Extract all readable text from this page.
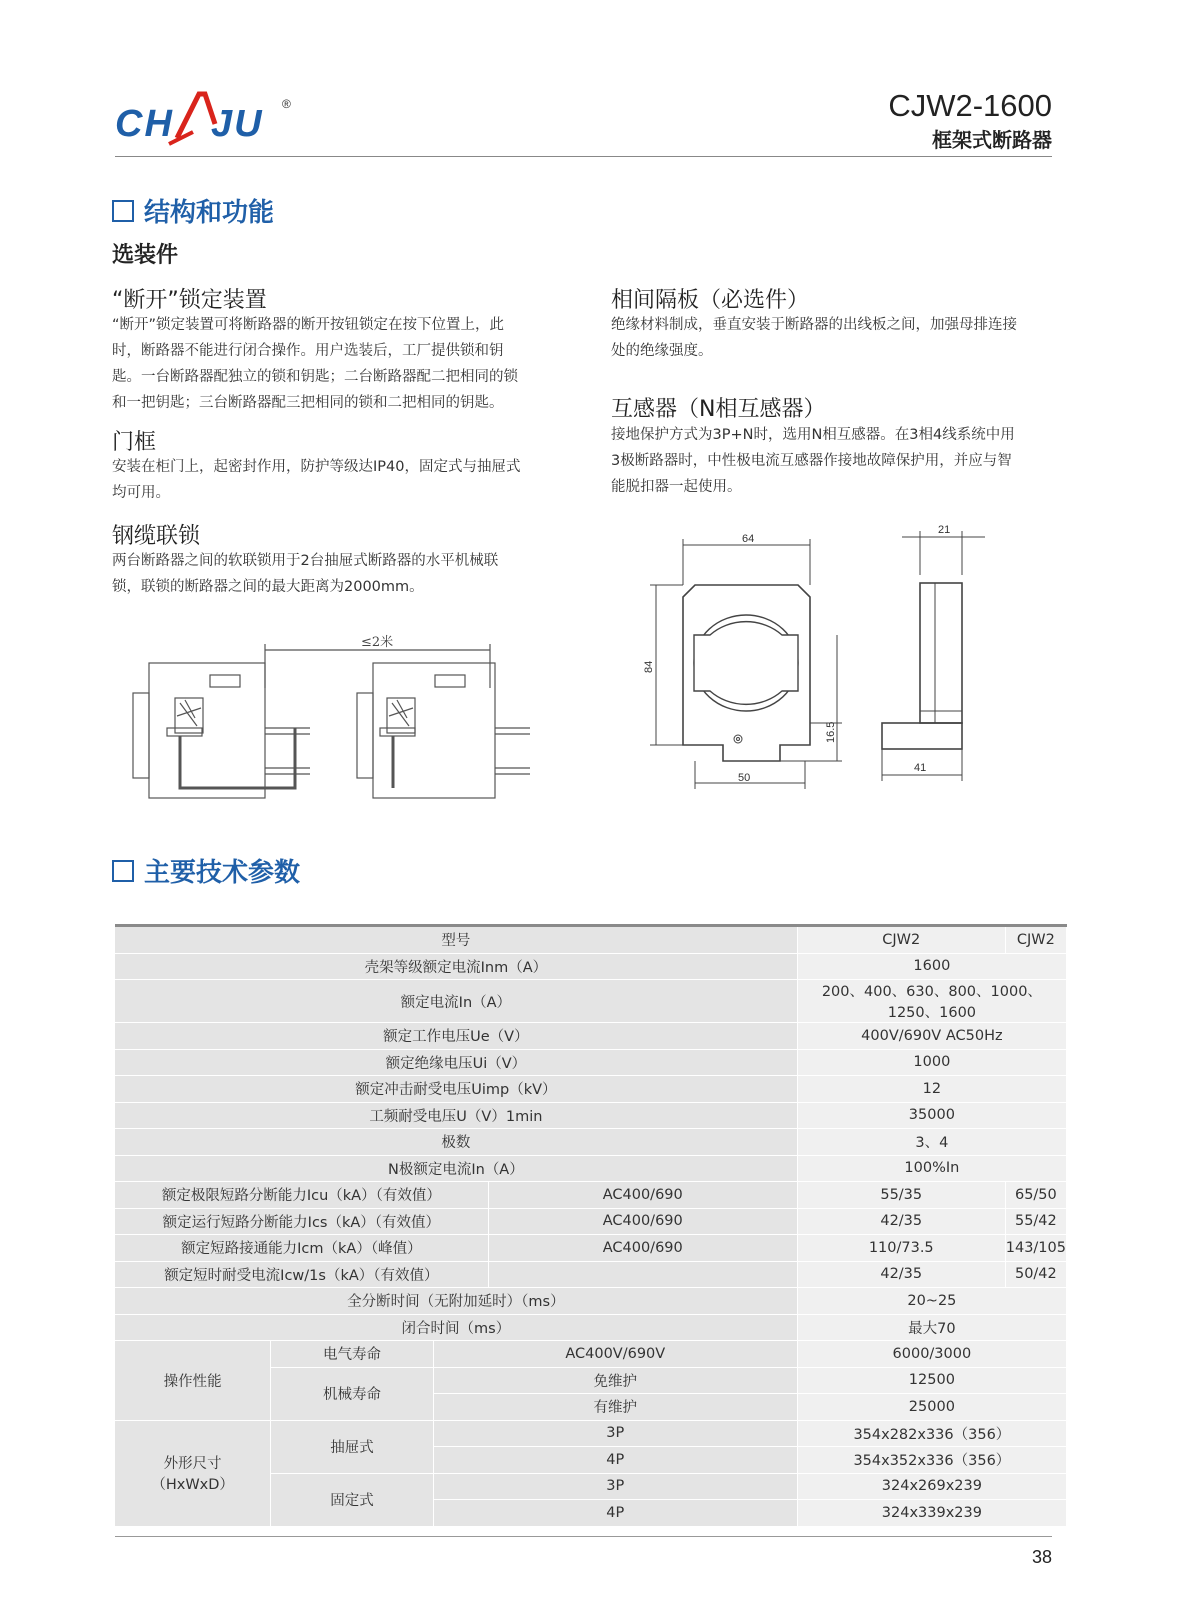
CH JU ®	CJW2-1600
框架式断路器
结构和功能
选装件
“断开”锁定装置
“断开”锁定装置可将断路器的断开按钮锁定在按下位置上，此
时，断路器不能进行闭合操作。用户选装后，工厂提供锁和钥
匙。一台断路器配独立的锁和钥匙；二台断路器配二把相同的锁
和一把钥匙；三台断路器配三把相同的锁和二把相同的钥匙。
门框
安装在柜门上，起密封作用，防护等级达IP40，固定式与抽屉式
均可用。
钢缆联锁
两台断路器之间的软联锁用于2台抽屉式断路器的水平机械联
锁，联锁的断路器之间的最大距离为2000mm。
≤2米
相间隔板（必选件）
绝缘材料制成，垂直安装于断路器的出线板之间，加强母排连接
处的绝缘强度。
互感器（N相互感器）
接地保护方式为3P+N时，选用N相互感器。在3相4线系统中用
3极断路器时，中性极电流互感器作接地故障保护用，并应与智
能脱扣器一起使用。
64
84
50
16.5
21
41
主要技术参数
型号				CJW2	CJW2
壳架等级额定电流Inm（A）				1600	
额定电流In（A）				200、400、630、800、1000、1250、1600	
额定工作电压Ue（V）				400V/690V AC50Hz	
额定绝缘电压Ui（V）				1000	
额定冲击耐受电压Uimp（kV）				12	
工频耐受电压U（V）1min				35000	
极数				3、4	
N极额定电流In（A）				100%In	
额定极限短路分断能力Icu（kA）（有效值）			AC400/690	55/35	65/50
额定运行短路分断能力Ics（kA）（有效值）			AC400/690	42/35	55/42
额定短路接通能力Icm（kA）（峰值）			AC400/690	110/73.5	143/105
额定短时耐受电流Icw/1s（kA）（有效值）				42/35	50/42
全分断时间（无附加延时）（ms）				20~25	
闭合时间（ms）				最大70	
操作性能	电气寿命	AC400V/690V		6000/3000	
	机械寿命	免维护		12500	
		有维护		25000	

外形尺寸
（HxWxD）	抽屉式	3P		354x282x336（356）	
		4P		354x352x336（356）	
	固定式	3P		324x269x239	
		4P		324x339x239	
38
